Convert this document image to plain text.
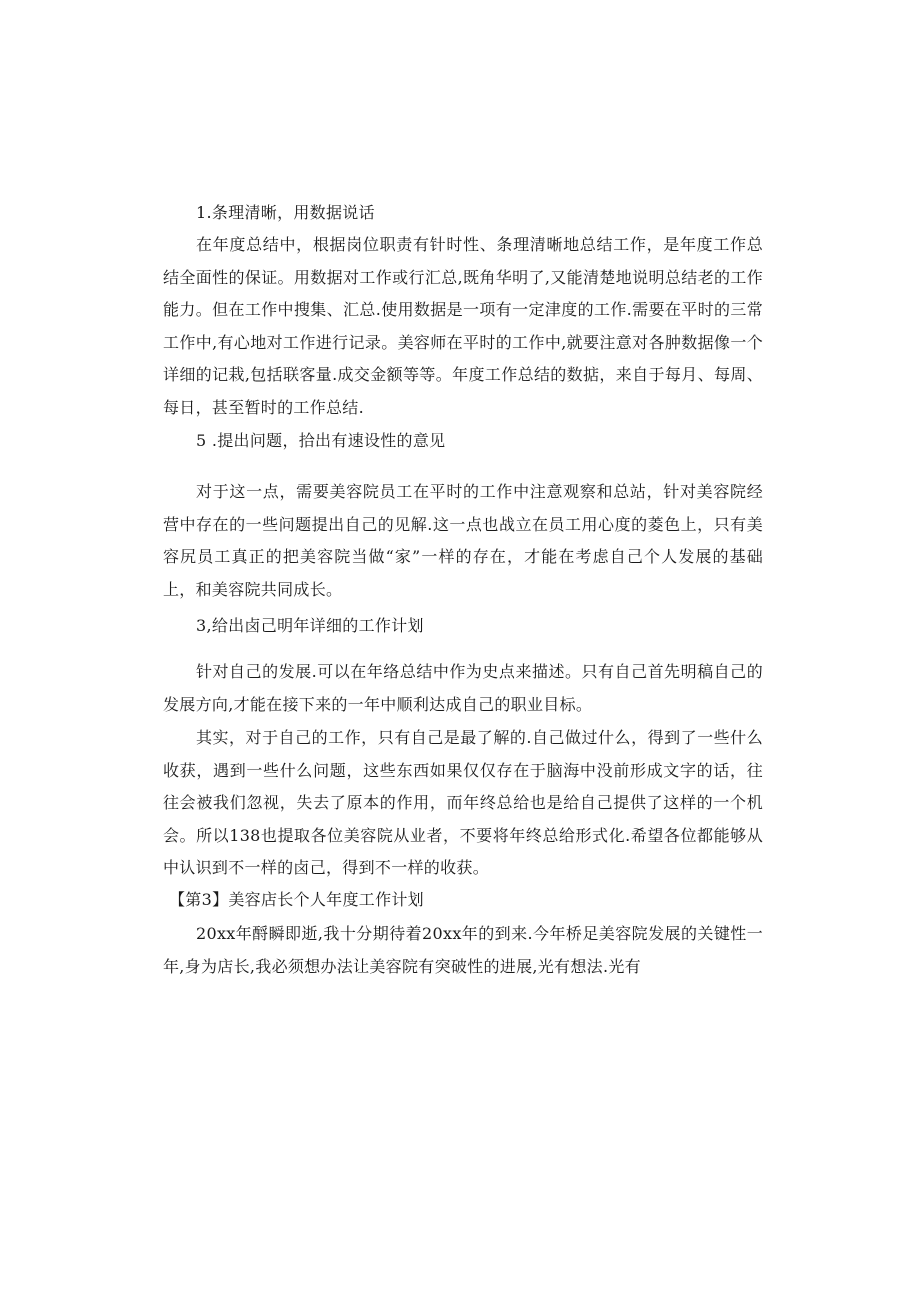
1.条理清晰，用数据说话

在年度总结中，根据岗位职责有针时性、条理清晰地总结工作，是年度工作总结全面性的保证。用数据对工作或行汇总,既角华明了,又能清楚地说明总结老的工作能力。但在工作中搜集、汇总.使用数据是一项有一定津度的工作.需要在平时的三常工作中,有心地对工作进行记录。美容师在平时的工作中,就要注意对各肿数据像一个详细的记栽,包括联客量.成交金额等等。年度工作总结的数掂，来自于每月、每周、每日，甚至暂时的工作总结.

5 .提出问题，拾出有速设性的意见

对于这一点，需要美容院员工在平时的工作中注意观察和总站，针对美容院经营中存在的一些问题提出自己的见解.这一点也战立在员工用心度的菱色上，只有美容尻员工真正的把美容院当做“家”一样的存在，才能在考虑自己个人发展的基础上，和美容院共同成长。

3,给出卤己明年详细的工作计划

针对自己的发展.可以在年络总结中作为史点来描述。只有自己首先明稿自己的发展方向,才能在接下来的一年中顺利达成自己的职业目标。

其实，对于自己的工作，只有自己是最了解的.自己做过什么，得到了一些什么收获，遇到一些什么问题，这些东西如果仅仅存在于脑海中没前形成文字的话，往往会被我们忽视，失去了原本的作用，而年终总给也是给自己提供了这样的一个机会。所以138也提取各位美容院从业者，不要将年终总给形式化.希望各位都能够从中认识到不一样的卤己，得到不一样的收获。

【第3】美容店长个人年度工作计划

20xx年酹瞬即逝,我十分期待着20xx年的到来.今年桥足美容院发展的关键性一年,身为店长,我必须想办法让美容院有突破性的进展,光有想法.光有
